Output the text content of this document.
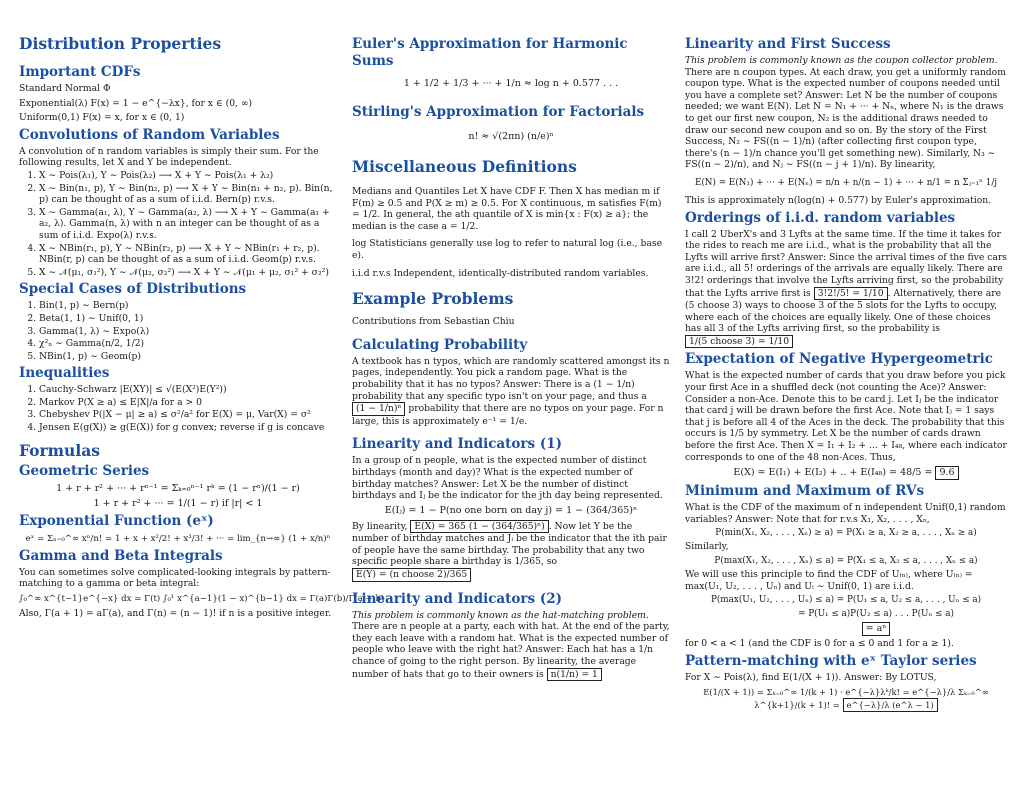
Distribution Properties
Important CDFs
Standard Normal Φ
Exponential(λ) F(x) = 1 − e^{−λx}, for x ∈ (0, ∞)
Uniform(0,1) F(x) = x, for x ∈ (0, 1)
Convolutions of Random Variables
A convolution of n random variables is simply their sum. For the following results, let X and Y be independent.
1. X ∼ Pois(λ₁), Y ∼ Pois(λ₂) ⟶ X + Y ∼ Pois(λ₁ + λ₂)
2. X ∼ Bin(n₁, p), Y ∼ Bin(n₂, p) ⟶ X + Y ∼ Bin(n₁ + n₂, p). Bin(n, p) can be thought of as a sum of i.i.d. Bern(p) r.v.s.
3. X ∼ Gamma(a₁, λ), Y ∼ Gamma(a₂, λ) ⟶ X + Y ∼ Gamma(a₁ + a₂, λ). Gamma(n, λ) with n an integer can be thought of as a sum of i.i.d. Expo(λ) r.v.s.
4. X ∼ NBin(r₁, p), Y ∼ NBin(r₂, p) ⟶ X + Y ∼ NBin(r₁ + r₂, p). NBin(r, p) can be thought of as a sum of i.i.d. Geom(p) r.v.s.
5. X ∼ 𝒩(μ₁, σ₁²), Y ∼ 𝒩(μ₂, σ₂²) ⟶ X + Y ∼ 𝒩(μ₁ + μ₂, σ₁² + σ₂²)
Special Cases of Distributions
1. Bin(1, p) ∼ Bern(p)
2. Beta(1, 1) ∼ Unif(0, 1)
3. Gamma(1, λ) ∼ Expo(λ)
4. χ²ₙ ∼ Gamma(n/2, 1/2)
5. NBin(1, p) ∼ Geom(p)
Inequalities
1. Cauchy-Schwarz |E(XY)| ≤ √(E(X²)E(Y²))
2. Markov P(X ≥ a) ≤ E|X|/a for a > 0
3. Chebyshev P(|X − μ| ≥ a) ≤ σ²/a² for E(X) = μ, Var(X) = σ²
4. Jensen E(g(X)) ≥ g(E(X)) for g convex; reverse if g is concave
Formulas
Geometric Series
1 + r + r² + ··· + rⁿ⁻¹ = Σₖ₌₀ⁿ⁻¹ rᵏ = (1 − rⁿ)/(1 − r)
1 + r + r² + ··· = 1/(1 − r) if |r| < 1
Exponential Function (eˣ)
eˣ = Σₙ₌₀^∞ xⁿ/n! = 1 + x + x²/2! + x³/3! + ··· = lim_{n→∞} (1 + x/n)ⁿ
Gamma and Beta Integrals
You can sometimes solve complicated-looking integrals by pattern-matching to a gamma or beta integral:
∫₀^∞ x^{t−1}e^{−x} dx = Γ(t) ∫₀¹ x^{a−1}(1 − x)^{b−1} dx = Γ(a)Γ(b)/Γ(a + b)
Also, Γ(a + 1) = aΓ(a), and Γ(n) = (n − 1)! if n is a positive integer.
Euler's Approximation for Harmonic Sums
1 + 1/2 + 1/3 + ··· + 1/n ≈ log n + 0.577 . . .
Stirling's Approximation for Factorials
n! ≈ √(2πn) (n/e)ⁿ
Miscellaneous Definitions
Medians and Quantiles Let X have CDF F. Then X has median m if F(m) ≥ 0.5 and P(X ≥ m) ≥ 0.5. For X continuous, m satisfies F(m) = 1/2. In general, the ath quantile of X is min{x : F(x) ≥ a}; the median is the case a = 1/2.
log Statisticians generally use log to refer to natural log (i.e., base e).
i.i.d r.v.s Independent, identically-distributed random variables.
Example Problems
Contributions from Sebastian Chiu
Calculating Probability
A textbook has n typos, which are randomly scattered amongst its n pages, independently. You pick a random page. What is the probability that it has no typos? Answer: There is a (1 − 1/n) probability that any specific typo isn't on your page, and thus a (1 − 1/n)ⁿ probability that there are no typos on your page. For n large, this is approximately e⁻¹ = 1/e.
Linearity and Indicators (1)
In a group of n people, what is the expected number of distinct birthdays (month and day)? What is the expected number of birthday matches? Answer: Let X be the number of distinct birthdays and Iⱼ be the indicator for the jth day being represented.
E(Iⱼ) = 1 − P(no one born on day j) = 1 − (364/365)ⁿ
By linearity, E(X) = 365 (1 − (364/365)ⁿ) . Now let Y be the number of birthday matches and Jᵢ be the indicator that the ith pair of people have the same birthday. The probability that any two specific people share a birthday is 1/365, so E(Y) = (n choose 2)/365
Linearity and Indicators (2)
This problem is commonly known as the hat-matching problem.
There are n people at a party, each with hat. At the end of the party, they each leave with a random hat. What is the expected number of people who leave with the right hat? Answer: Each hat has a 1/n chance of going to the right person. By linearity, the average number of hats that go to their owners is n(1/n) = 1
Linearity and First Success
This problem is commonly known as the coupon collector problem.
There are n coupon types. At each draw, you get a uniformly random coupon type. What is the expected number of coupons needed until you have a complete set? Answer: Let N be the number of coupons needed; we want E(N). Let N = N₁ + ··· + Nₙ, where N₁ is the draws to get our first new coupon, N₂ is the additional draws needed to draw our second new coupon and so on. By the story of the First Success, N₂ ∼ FS((n − 1)/n) (after collecting first coupon type, there's (n − 1)/n chance you'll get something new). Similarly, N₃ ∼ FS((n − 2)/n), and Nⱼ ∼ FS((n − j + 1)/n). By linearity,
E(N) = E(N₁) + ··· + E(Nₙ) = n/n + n/(n − 1) + ··· + n/1 = n Σⱼ₌₁ⁿ 1/j
This is approximately n(log(n) + 0.577) by Euler's approximation.
Orderings of i.i.d. random variables
I call 2 UberX's and 3 Lyfts at the same time. If the time it takes for the rides to reach me are i.i.d., what is the probability that all the Lyfts will arrive first? Answer: Since the arrival times of the five cars are i.i.d., all 5! orderings of the arrivals are equally likely. There are 3!2! orderings that involve the Lyfts arriving first, so the probability
that the Lyfts arrive first is 3!2!/5! = 1/10 . Alternatively, there are (5 choose 3) ways to choose 3 of the 5 slots for the Lyfts to occupy, where each of the choices are equally likely. One of these choices has all 3 of the Lyfts arriving first, so the probability is 1/(5 choose 3) = 1/10
Expectation of Negative Hypergeometric
What is the expected number of cards that you draw before you pick your first Ace in a shuffled deck (not counting the Ace)? Answer: Consider a non-Ace. Denote this to be card j. Let Iⱼ be the indicator that card j will be drawn before the first Ace. Note that Iⱼ = 1 says that j is before all 4 of the Aces in the deck. The probability that this occurs is 1/5 by symmetry. Let X be the number of cards drawn before the first Ace. Then X = I₁ + I₂ + ... + I₄₈, where each indicator corresponds to one of the 48 non-Aces. Thus,
E(X) = E(I₁) + E(I₂) + .. + E(I₄₈) = 48/5 = 9.6
Minimum and Maximum of RVs
What is the CDF of the maximum of n independent Unif(0,1) random variables? Answer: Note that for r.v.s X₁, X₂, . . . , Xₙ,
P(min(X₁, X₂, . . . , Xₙ) ≥ a) = P(X₁ ≥ a, X₂ ≥ a, . . . , Xₙ ≥ a)
Similarly,
P(max(X₁, X₂, . . . , Xₙ) ≤ a) = P(X₁ ≤ a, X₂ ≤ a, . . . , Xₙ ≤ a)
We will use this principle to find the CDF of U₍ₙ₎, where U₍ₙ₎ = max(U₁, U₂, . . . , Uₙ) and Uᵢ ∼ Unif(0, 1) are i.i.d.
P(max(U₁, U₂, . . . , Uₙ) ≤ a) = P(U₁ ≤ a, U₂ ≤ a, . . . , Uₙ ≤ a)
= P(U₁ ≤ a)P(U₂ ≤ a) . . . P(Uₙ ≤ a)
= aⁿ
for 0 < a < 1 (and the CDF is 0 for a ≤ 0 and 1 for a ≥ 1).
Pattern-matching with eˣ Taylor series
For X ∼ Pois(λ), find E(1/(X + 1)). Answer: By LOTUS,
E(1/(X + 1)) = Σₖ₌₀^∞ 1/(k + 1) · e^{−λ}λᵏ/k! = e^{−λ}/λ Σₖ₌₀^∞ λ^{k+1}/(k + 1)! = e^{−λ}/λ (e^λ − 1)
